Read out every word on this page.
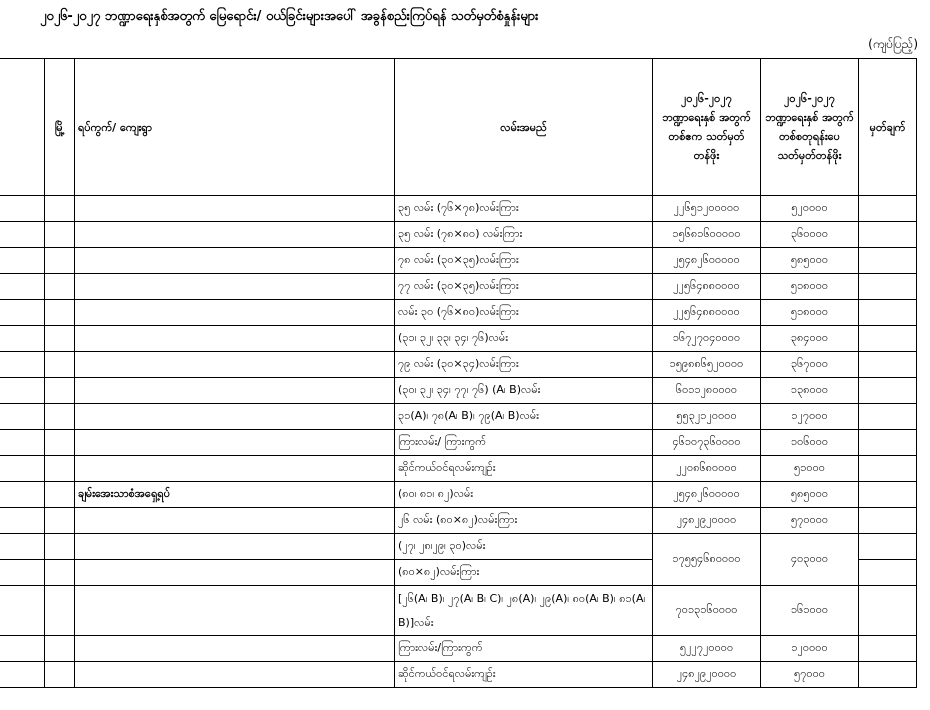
၂၀၂၆-၂၀၂၇ ဘဏ္ဍာရေးနှစ်အတွက် မြေရောင်း/ ဝယ်ခြင်းများအပေါ် အခွန်စည်းကြပ်ရန် သတ်မှတ်စံနှုန်းများ
(ကျပ်ပြည့်)
	မြို့	ရပ်ကွက်/ ကျေးရွာ	လမ်းအမည်	၂၀၂၆-၂၀၂၇ ဘဏ္ဍာရေးနှစ် အတွက် တစ်ဧက သတ်မှတ်တန်ဖိုး	၂၀၂၆-၂၀၂၇ ဘဏ္ဍာရေးနှစ် အတွက် တစ်စတုရန်းပေ သတ်မှတ်တန်ဖိုး	မှတ်ချက်
			၃၅ လမ်း (၇၆×၇၈)လမ်းကြား	၂၂၆၅၁၂၀၀၀၀၀	၅၂၀၀၀၀	
			၃၅ လမ်း (၇၈×၈၀) လမ်းကြား	၁၅၆၈၁၆၀၀၀၀၀	၃၆၀၀၀၀	
			၇၈ လမ်း (၃၀×၃၅)လမ်းကြား	၂၅၄၈၂၆၀၀၀၀၀	၅၈၅၀၀၀	
			၇၇ လမ်း (၃၀×၃၅)လမ်းကြား	၂၂၅၆၄၈၈၀၀၀၀	၅၁၈၀၀၀	
			လမ်း ၃၀ (၇၆×၈၀)လမ်းကြား	၂၂၅၆၄၈၈၀၀၀၀	၅၁၈၀၀၀	
			(၃၁၊ ၃၂၊ ၃၃၊ ၃၄၊ ၇၆)လမ်း	၁၆၇၂၇၀၄၀၀၀၀	၃၈၄၀၀၀	
			၇၉ လမ်း (၃၀×၃၄)လမ်းကြား	၁၅၉၈၈၆၅၂၀၀၀၀	၃၆၇၀၀၀	
			(၃၀၊ ၃၂၊ ၃၄၊ ၇၇၊ ၇၆) (A၊ B)လမ်း	၆၀၁၁၂၈၀၀၀၀	၁၃၈၀၀၀	
			၃၁(A)၊ ၇၈(A၊ B)၊ ၇၉(A၊ B)လမ်း	၅၅၃၂၁၂၀၀၀၀	၁၂၇၀၀၀	
			ကြားလမ်း/ ကြားကွက်	၄၆၁၀၇၃၆၀၀၀၀	၁၀၆၀၀၀	
			ဆိုင်ကယ်ဝင်ရလမ်းကျဉ်း	၂၂၀၈၆၈၀၀၀၀	၅၁၀၀၀	
		ချမ်းအေးသာစံအရှေ့ရပ်	(၈၀၊ ၈၁၊ ၈၂)လမ်း	၂၅၄၈၂၆၀၀၀၀၀	၅၈၅၀၀၀	
			၂၆ လမ်း (၈၀×၈၂)လမ်းကြား	၂၄၈၂၉၂၀၀၀၀	၅၇၀၀၀၀	
			(၂၇၊ ၂၈၊၂၉၊ ၃၀)လမ်း	၁၇၅၅၄၆၈၀၀၀၀	၄၀၃၀၀၀	
			(၈၀×၈၂)လမ်းကြား			
			[၂၆(A၊ B)၊ ၂၇(A၊ B၊ C)၊ ၂၈(A)၊ ၂၉(A)၊ ၈၀(A၊ B)၊ ၈၁(A၊ B)]လမ်း	၇၀၁၃၁၆၀၀၀၀	၁၆၁၀၀၀	
			ကြားလမ်း/ကြားကွက်	၅၂၂၇၂၀၀၀၀	၁၂၀၀၀၀	
			ဆိုင်ကယ်ဝင်ရလမ်းကျဉ်း	၂၄၈၂၉၂၀၀၀၀	၅၇၀၀၀	
